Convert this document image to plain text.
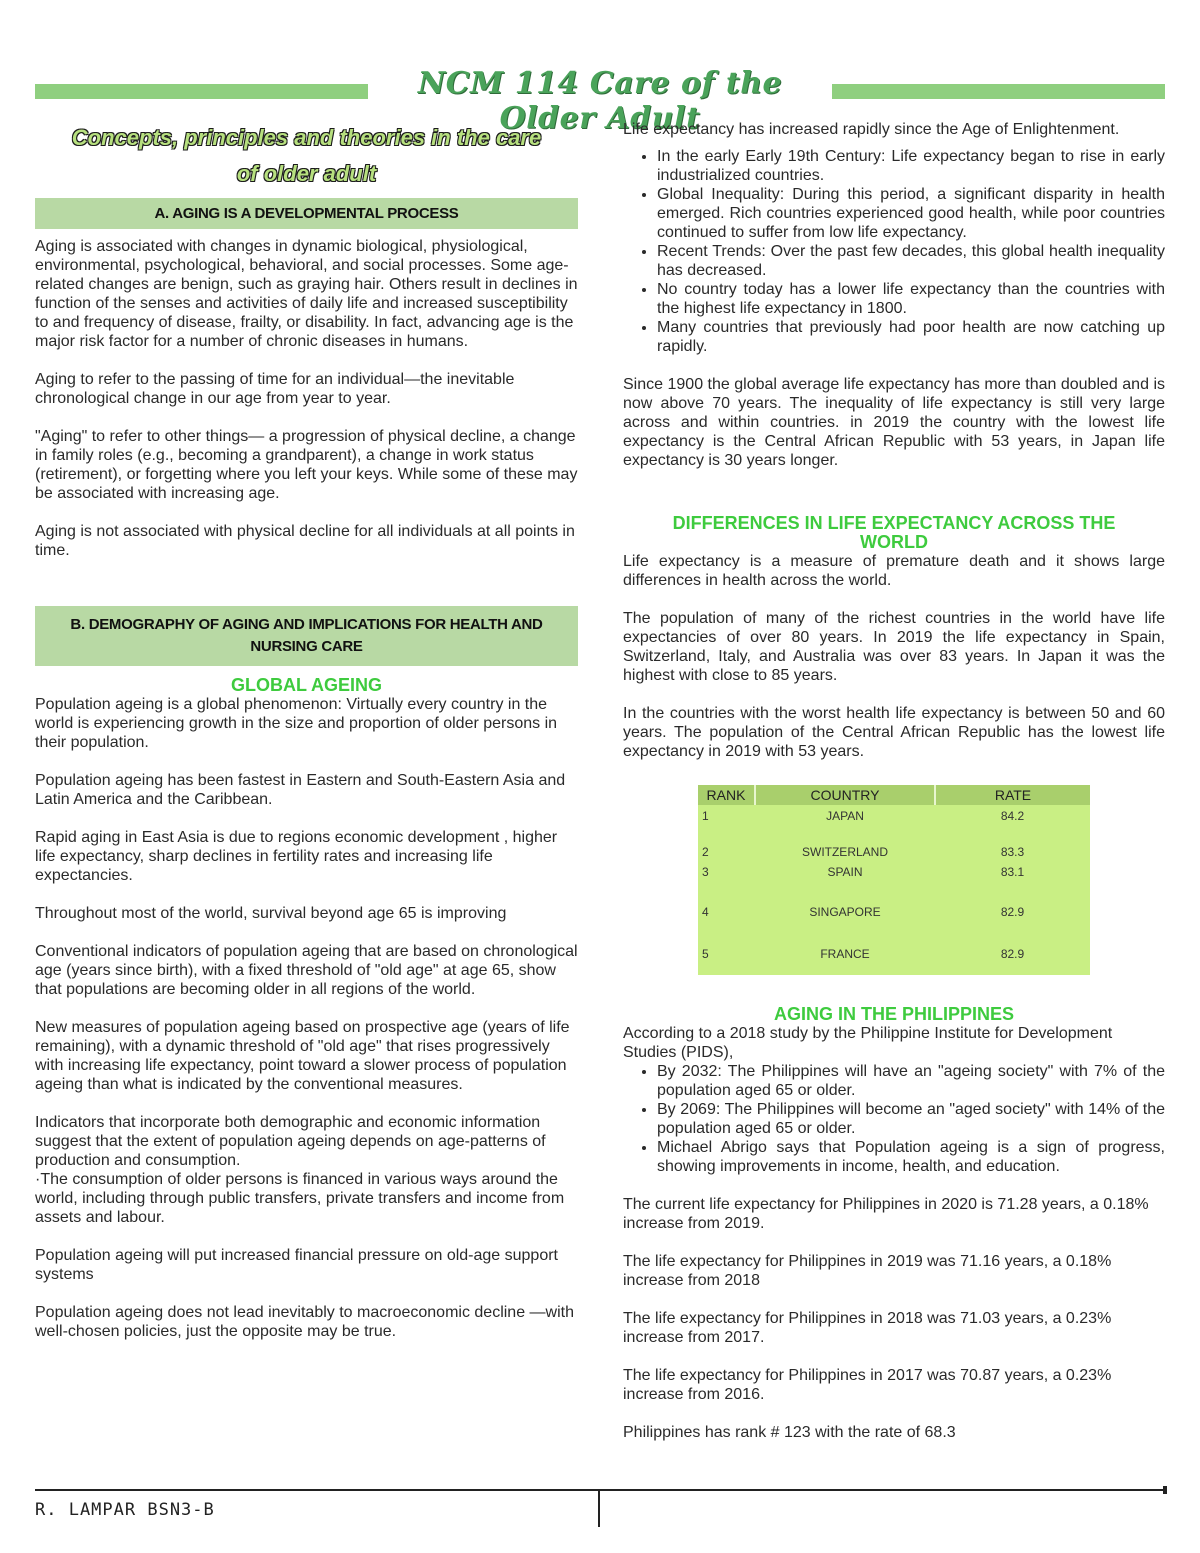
NCM 114 Care of the Older Adult
Concepts, principles and theories in the care
of older adult
A. AGING IS A DEVELOPMENTAL PROCESS

Aging is associated with changes in dynamic biological, physiological, environmental, psychological, behavioral, and social processes. Some age-related changes are benign, such as graying hair. Others result in declines in function of the senses and activities of daily life and increased susceptibility to and frequency of disease, frailty, or disability. In fact, advancing age is the major risk factor for a number of chronic diseases in humans.

Aging to refer to the passing of time for an individual—the inevitable chronological change in our age from year to year.

"Aging" to refer to other things— a progression of physical decline, a change in family roles (e.g., becoming a grandparent), a change in work status (retirement), or forgetting where you left your keys. While some of these may be associated with increasing age.

Aging is not associated with physical decline for all individuals at all points in time.

B. DEMOGRAPHY OF AGING AND IMPLICATIONS FOR HEALTH AND NURSING CARE
GLOBAL AGEING

Population ageing is a global phenomenon: Virtually every country in the world is experiencing growth in the size and proportion of older persons in their population.

Population ageing has been fastest in Eastern and South-Eastern Asia and Latin America and the Caribbean.

Rapid aging in East Asia is due to regions economic development , higher life expectancy, sharp declines in fertility rates and increasing life expectancies.

Throughout most of the world, survival beyond age 65 is improving

Conventional indicators of population ageing that are based on chronological age (years since birth), with a fixed threshold of "old age" at age 65, show that populations are becoming older in all regions of the world.

New measures of population ageing based on prospective age (years of life remaining), with a dynamic threshold of "old age" that rises progressively with increasing life expectancy, point toward a slower process of population ageing than what is indicated by the conventional measures.

Indicators that incorporate both demographic and economic information suggest that the extent of population ageing depends on age-patterns of production and consumption.

·The consumption of older persons is financed in various ways around the world, including through public transfers, private transfers and income from assets and labour.

Population ageing will put increased financial pressure on old-age support systems

Population ageing does not lead inevitably to macroeconomic decline —with well-chosen policies, just the opposite may be true.

Life expectancy has increased rapidly since the Age of Enlightenment.

• In the early Early 19th Century: Life expectancy began to rise in early industrialized countries.
• Global Inequality: During this period, a significant disparity in health emerged. Rich countries experienced good health, while poor countries continued to suffer from low life expectancy.
• Recent Trends: Over the past few decades, this global health inequality has decreased.
• No country today has a lower life expectancy than the countries with the highest life expectancy in 1800.
• Many countries that previously had poor health are now catching up rapidly.

Since 1900 the global average life expectancy has more than doubled and is now above 70 years. The inequality of life expectancy is still very large across and within countries. in 2019 the country with the lowest life expectancy is the Central African Republic with 53 years, in Japan life expectancy is 30 years longer.

DIFFERENCES IN LIFE EXPECTANCY ACROSS THE WORLD

Life expectancy is a measure of premature death and it shows large differences in health across the world.

The population of many of the richest countries in the world have life expectancies of over 80 years. In 2019 the life expectancy in Spain, Switzerland, Italy, and Australia was over 83 years. In Japan it was the highest with close to 85 years.

In the countries with the worst health life expectancy is between 50 and 60 years. The population of the Central African Republic has the lowest life expectancy in 2019 with 53 years.

RANK	COUNTRY	RATE
1	JAPAN	84.2
2	SWITZERLAND	83.3
3	SPAIN	83.1
4	SINGAPORE	82.9
5	FRANCE	82.9
AGING IN THE PHILIPPINES

According to a 2018 study by the Philippine Institute for Development Studies (PIDS),

• By 2032: The Philippines will have an "ageing society" with 7% of the population aged 65 or older.
• By 2069: The Philippines will become an "aged society" with 14% of the population aged 65 or older.
• Michael Abrigo says that Population ageing is a sign of progress, showing improvements in income, health, and education.

The current life expectancy for Philippines in 2020 is 71.28 years, a 0.18% increase from 2019.

The life expectancy for Philippines in 2019 was 71.16 years, a 0.18% increase from 2018

The life expectancy for Philippines in 2018 was 71.03 years, a 0.23% increase from 2017.

The life expectancy for Philippines in 2017 was 70.87 years, a 0.23% increase from 2016.

Philippines has rank # 123 with the rate of 68.3

R. LAMPAR BSN3-B
